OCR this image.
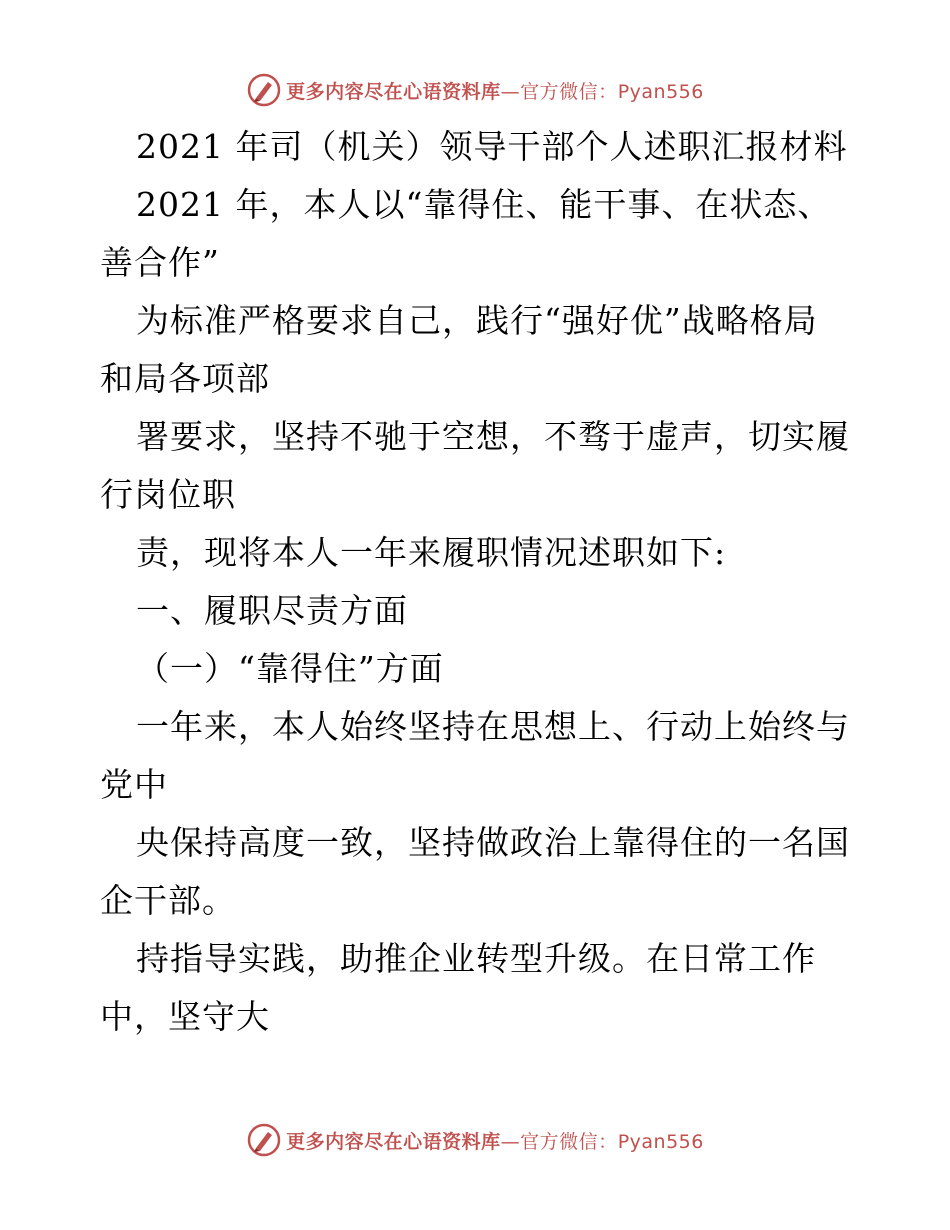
更多内容尽在心语资料库—官方微信：Pyan556
2021 年司（机关）领导干部个人述职汇报材料
2021 年，本人以“靠得住、能干事、在状态、
善合作”
为标准严格要求自己，践行“强好优”战略格局
和局各项部
署要求，坚持不驰于空想，不骛于虚声，切实履
行岗位职
责，现将本人一年来履职情况述职如下:
一、履职尽责方面
（一）“靠得住”方面
一年来，本人始终坚持在思想上、行动上始终与
党中
央保持高度一致，坚持做政治上靠得住的一名国
企干部。
持指导实践，助推企业转型升级。在日常工作
中，坚守大
更多内容尽在心语资料库—官方微信：Pyan556
